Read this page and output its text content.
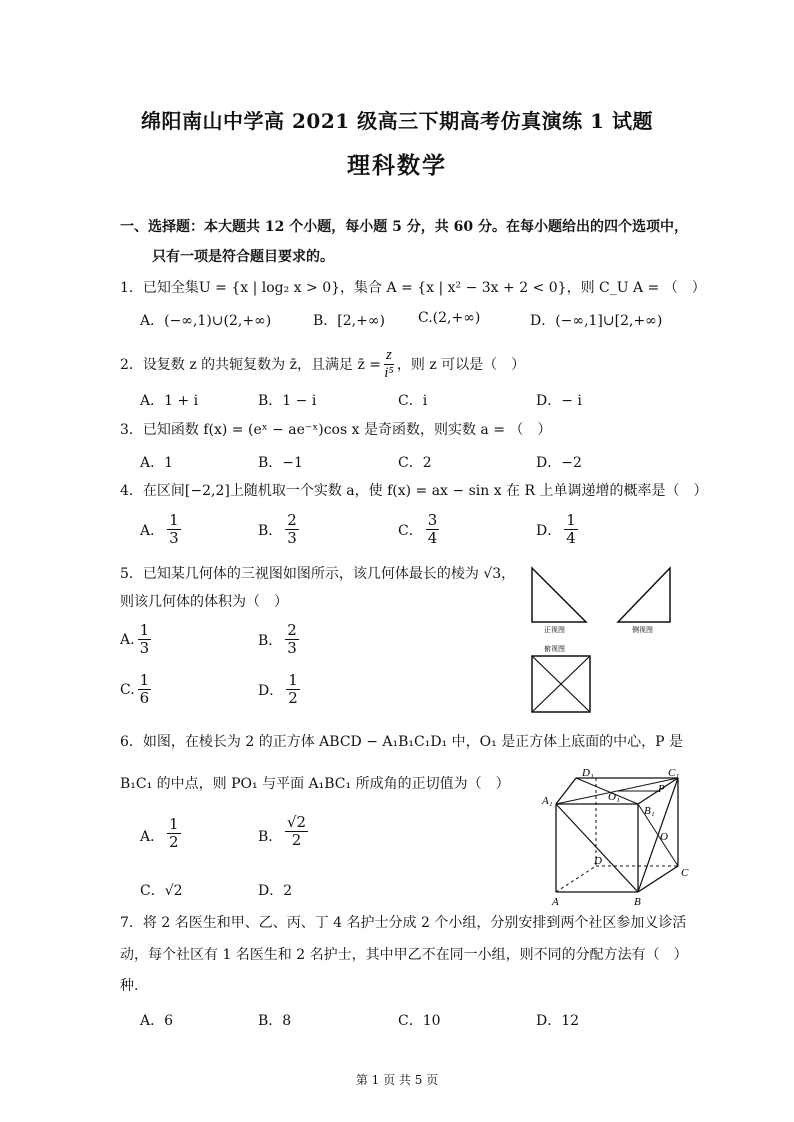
绵阳南山中学高 2021 级高三下期高考仿真演练 1 试题
理科数学
一、选择题：本大题共 12 个小题，每小题 5 分，共 60 分。在每小题给出的四个选项中，
只有一项是符合题目要求的。
1．已知全集U = {x | log₂ x > 0}，集合 A = {x | x² − 3x + 2 < 0}，则 C_U A = （　）
A．(−∞,1)∪(2,+∞)	B．[2,+∞) C.(2,+∞)	D．(−∞,1]∪[2,+∞)
2．设复数 z 的共轭复数为 z̄，且满足 z̄ = $\frac{z}{\text{i⁵}}$ ，则 z 可以是（　）
A．1 + i	B．1 − i	C．i	D．− i
3．已知函数 f(x) = (eˣ − ae⁻ˣ)cos x 是奇函数，则实数 a = （　）
A．1	B．−1	C．2	D．−2
4．在区间[−2,2]上随机取一个实数 a，使 f(x) = ax − sin x 在 R 上单调递增的概率是（　）
A． $\frac{1}{3}$	B． $\frac{2}{3}$	C． $\frac{3}{4}$	D． $\frac{1}{4}$
5．已知某几何体的三视图如图所示，该几何体最长的棱为 √3，
则该几何体的体积为（　）
A. $\frac{1}{3}$	B． $\frac{2}{3}$
C. $\frac{1}{6}$	D． $\frac{1}{2}$
正视图	侧视图
俯视图
6．如图，在棱长为 2 的正方体 ABCD − A₁B₁C₁D₁ 中，O₁ 是正方体上底面的中心，P 是
B₁C₁ 的中点，则 PO₁ 与平面 A₁BC₁ 所成角的正切值为（　）
A． $\frac{1}{2}$	B． $\frac{√2}{2}$
C．√2	D．2
D₁	C₁
A₁	O₁
B₁
P
O
D
C
A	B
7．将 2 名医生和甲、乙、丙、丁 4 名护士分成 2 个小组，分别安排到两个社区参加义诊活
动，每个社区有 1 名医生和 2 名护士，其中甲乙不在同一小组，则不同的分配方法有（　）
种.
A．6	B．8	C．10	D．12
第 1 页 共 5 页
